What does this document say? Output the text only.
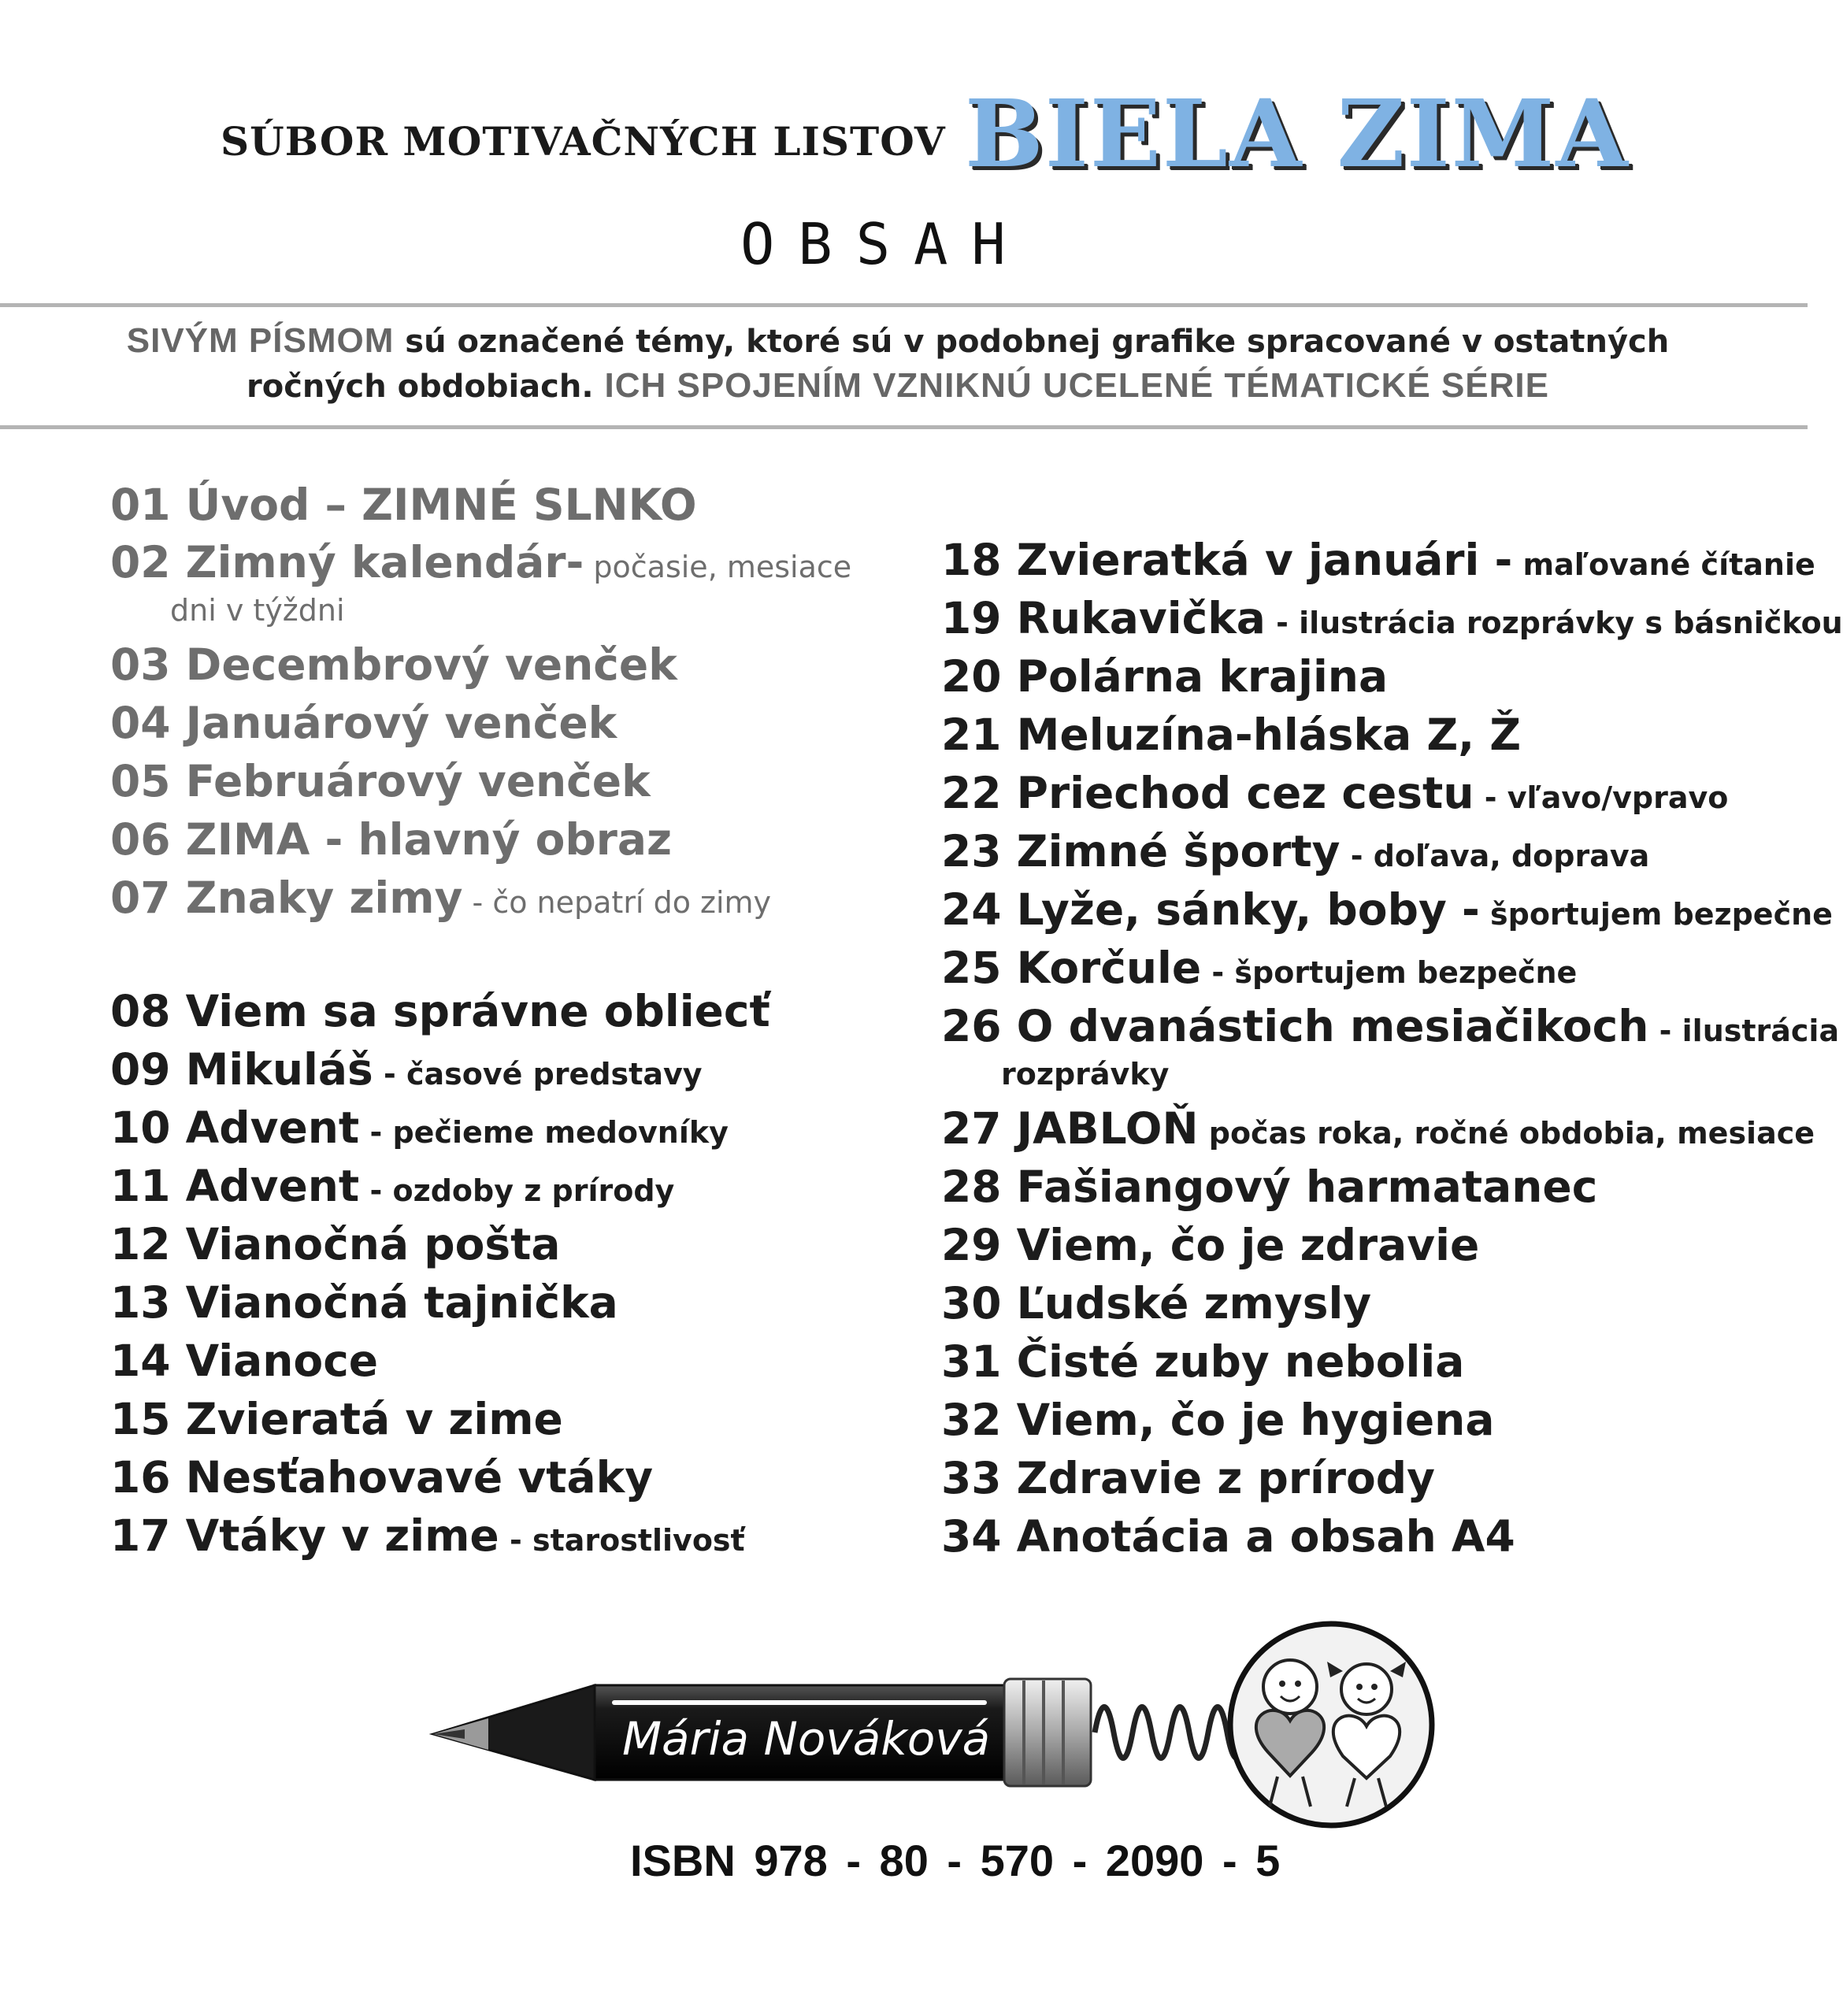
SÚBOR MOTIVAČNÝCH LISTOV BIELA ZIMA
OBSAH
SIVÝM PÍSMOM sú označené témy, ktoré sú v podobnej grafike spracované v ostatných ročných obdobiach. ICH SPOJENÍM VZNIKNÚ UCELENÉ TÉMATICKÉ SÉRIE
01 Úvod – ZIMNÉ SLNKO
02 Zimný kalendár- počasie, mesiace
dni v týždni
03 Decembrový venček
04 Januárový venček
05 Februárový venček
06 ZIMA - hlavný obraz
07 Znaky zimy - čo nepatrí do zimy
08 Viem sa správne obliecť
09 Mikuláš - časové predstavy
10 Advent - pečieme medovníky
11 Advent - ozdoby z prírody
12 Vianočná pošta
13 Vianočná tajnička
14 Vianoce
15 Zvieratá v zime
16 Nesťahovavé vtáky
17 Vtáky v zime - starostlivosť
18 Zvieratká v januári - maľované čítanie
19 Rukavička - ilustrácia rozprávky s básničkou
20 Polárna krajina
21 Meluzína-hláska Z, Ž
22 Priechod cez cestu - vľavo/vpravo
23 Zimné športy - doľava, doprava
24 Lyže, sánky, boby - športujem bezpečne
25 Korčule - športujem bezpečne
26 O dvanástich mesiačikoch - ilustrácia
rozprávky
27 JABLOŇ počas roka, ročné obdobia, mesiace
28 Fašiangový harmatanec
29 Viem, čo je zdravie
30 Ľudské zmysly
31 Čisté zuby nebolia
32 Viem, čo je hygiena
33 Zdravie z prírody
34 Anotácia a obsah A4
Mária Nováková
ISBN 978 - 80 - 570 - 2090 - 5
